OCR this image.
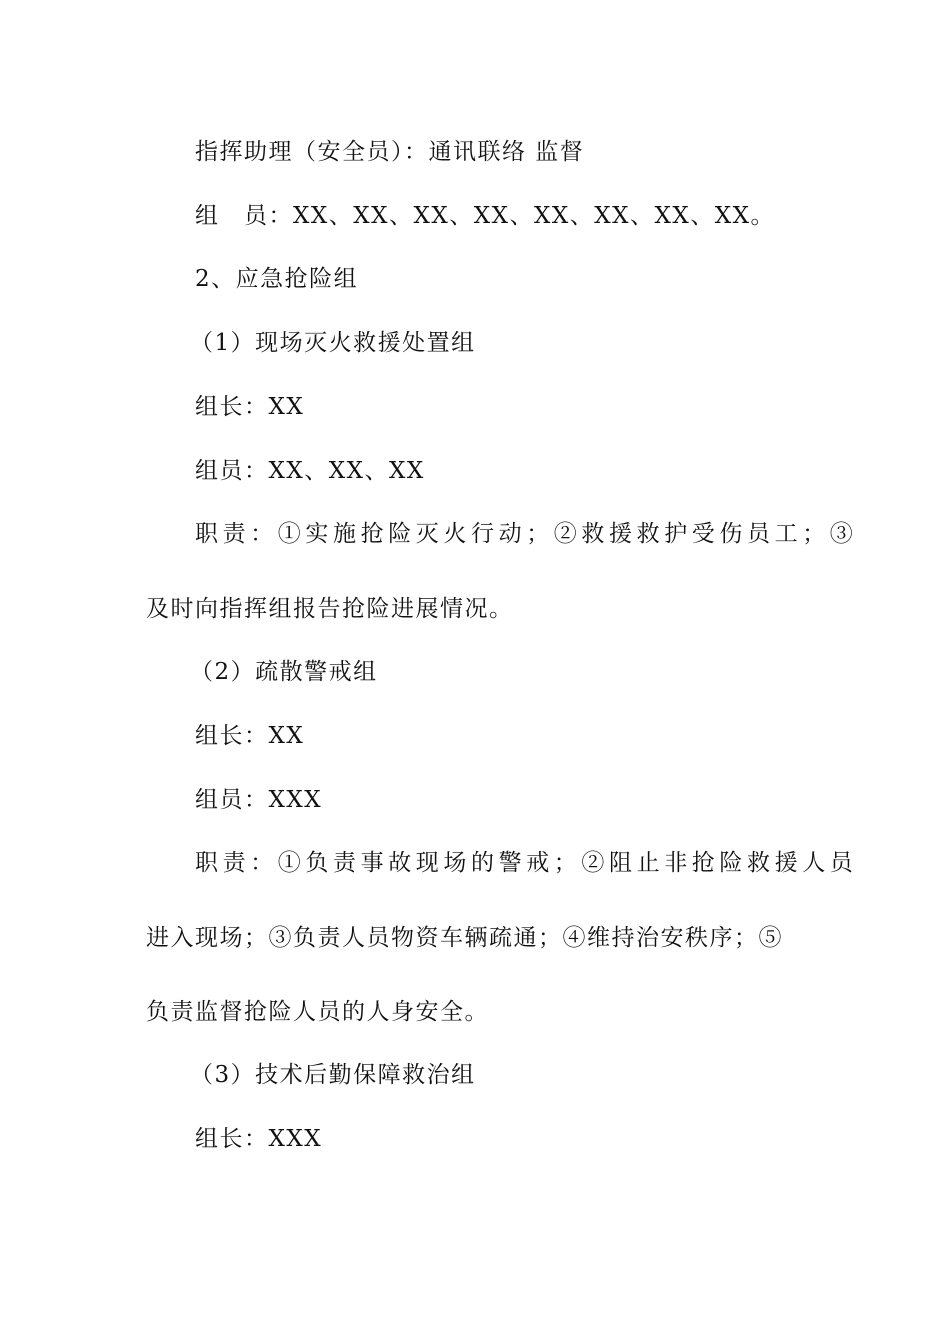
指挥助理（安全员）：通讯联络 监督
组　员：XX、XX、XX、XX、XX、XX、XX、XX。
2、应急抢险组
（1）现场灭火救援处置组
组长：XX
组员：XX、XX、XX
职责：①实施抢险灭火行动；②救援救护受伤员工；③
及时向指挥组报告抢险进展情况。
（2）疏散警戒组
组长：XX
组员：XXX
职责：①负责事故现场的警戒；②阻止非抢险救援人员
进入现场；③负责人员物资车辆疏通；④维持治安秩序；⑤
负责监督抢险人员的人身安全。
（3）技术后勤保障救治组
组长：XXX
